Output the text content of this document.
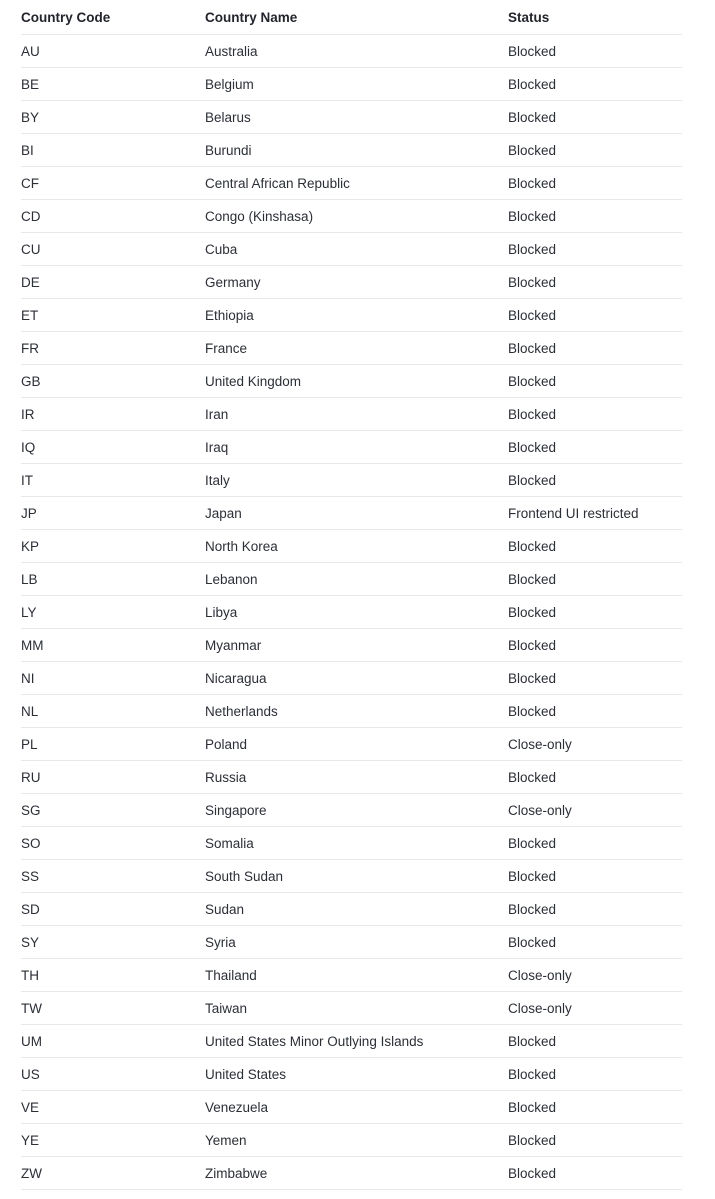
Country Code	Country Name	Status
AU	Australia	Blocked
BE	Belgium	Blocked
BY	Belarus	Blocked
BI	Burundi	Blocked
CF	Central African Republic	Blocked
CD	Congo (Kinshasa)	Blocked
CU	Cuba	Blocked
DE	Germany	Blocked
ET	Ethiopia	Blocked
FR	France	Blocked
GB	United Kingdom	Blocked
IR	Iran	Blocked
IQ	Iraq	Blocked
IT	Italy	Blocked
JP	Japan	Frontend UI restricted
KP	North Korea	Blocked
LB	Lebanon	Blocked
LY	Libya	Blocked
MM	Myanmar	Blocked
NI	Nicaragua	Blocked
NL	Netherlands	Blocked
PL	Poland	Close-only
RU	Russia	Blocked
SG	Singapore	Close-only
SO	Somalia	Blocked
SS	South Sudan	Blocked
SD	Sudan	Blocked
SY	Syria	Blocked
TH	Thailand	Close-only
TW	Taiwan	Close-only
UM	United States Minor Outlying Islands	Blocked
US	United States	Blocked
VE	Venezuela	Blocked
YE	Yemen	Blocked
ZW	Zimbabwe	Blocked
